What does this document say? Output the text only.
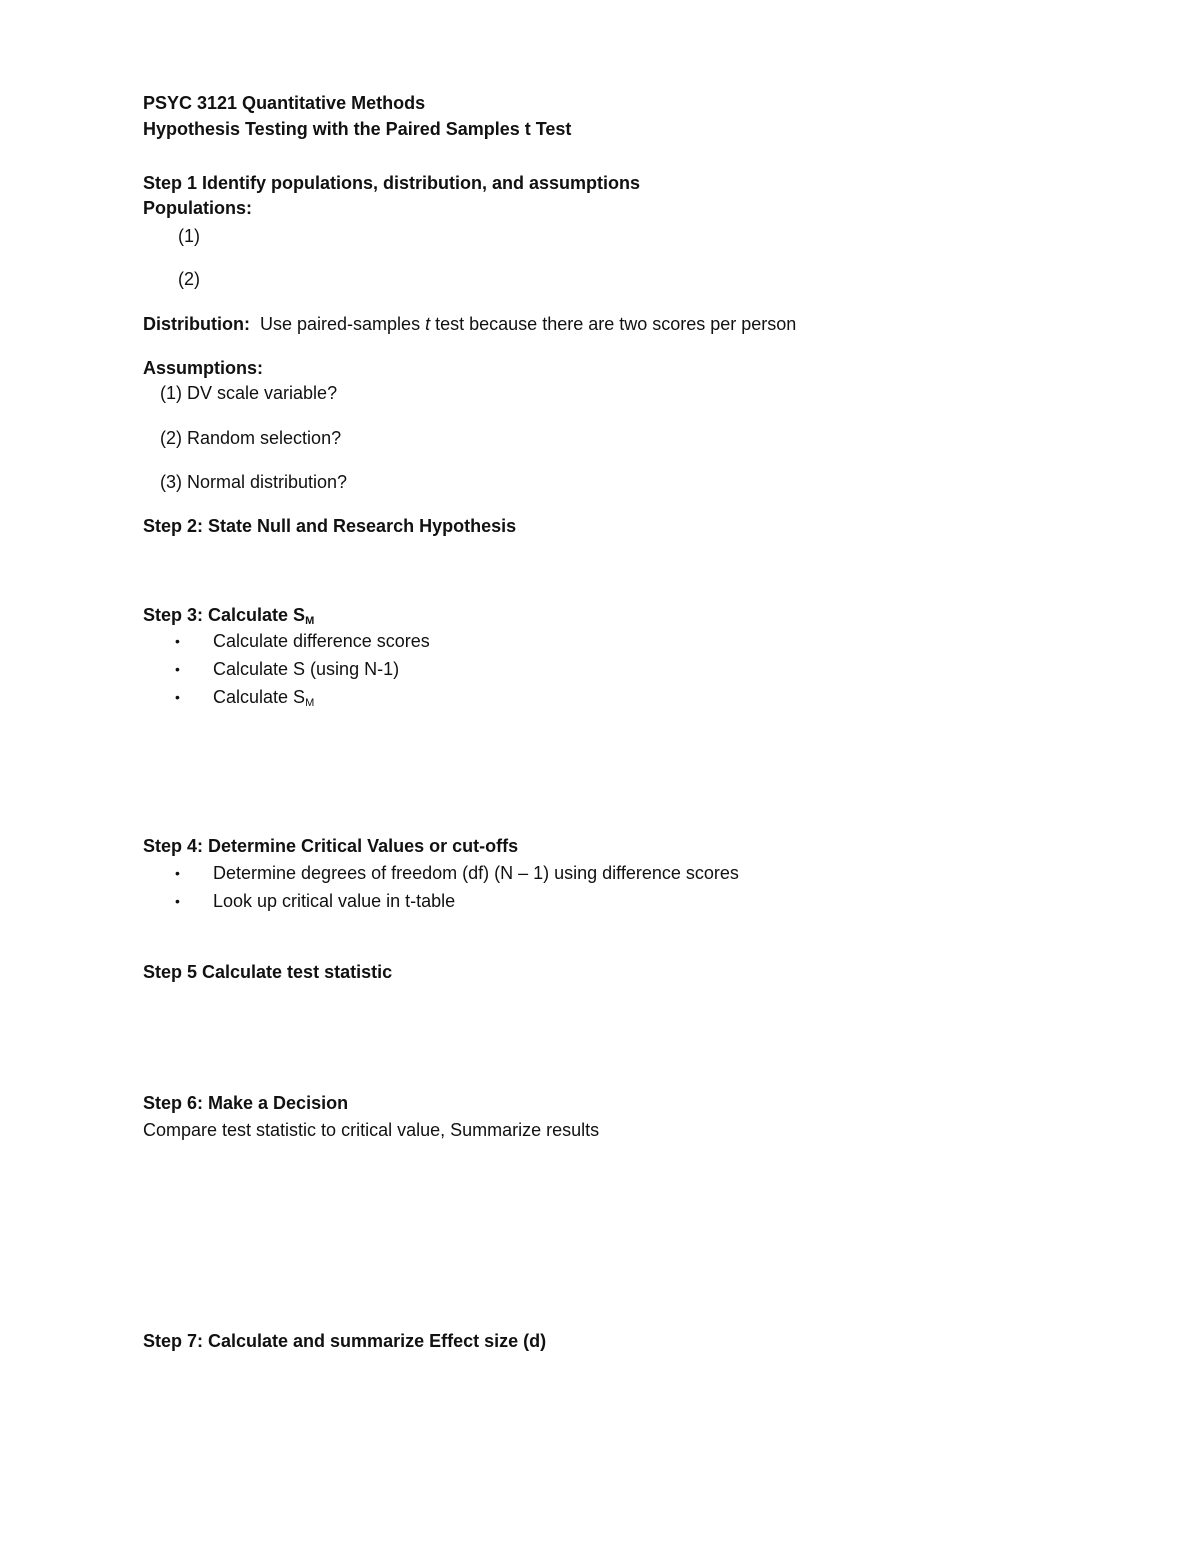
PSYC 3121 Quantitative Methods
Hypothesis Testing with the Paired Samples t Test
Step 1 Identify populations, distribution, and assumptions
Populations:
(1)
(2)
Distribution: Use paired-samples t test because there are two scores per person
Assumptions:
(1) DV scale variable?
(2) Random selection?
(3) Normal distribution?
Step 2: State Null and Research Hypothesis
Step 3: Calculate $S_M$
• Calculate difference scores
• Calculate S (using N-1)
• Calculate $S_M$
Step 4: Determine Critical Values or cut-offs
• Determine degrees of freedom (df) (N – 1) using difference scores
• Look up critical value in t-table
Step 5 Calculate test statistic
Step 6: Make a Decision
Compare test statistic to critical value, Summarize results
Step 7: Calculate and summarize Effect size (d)
